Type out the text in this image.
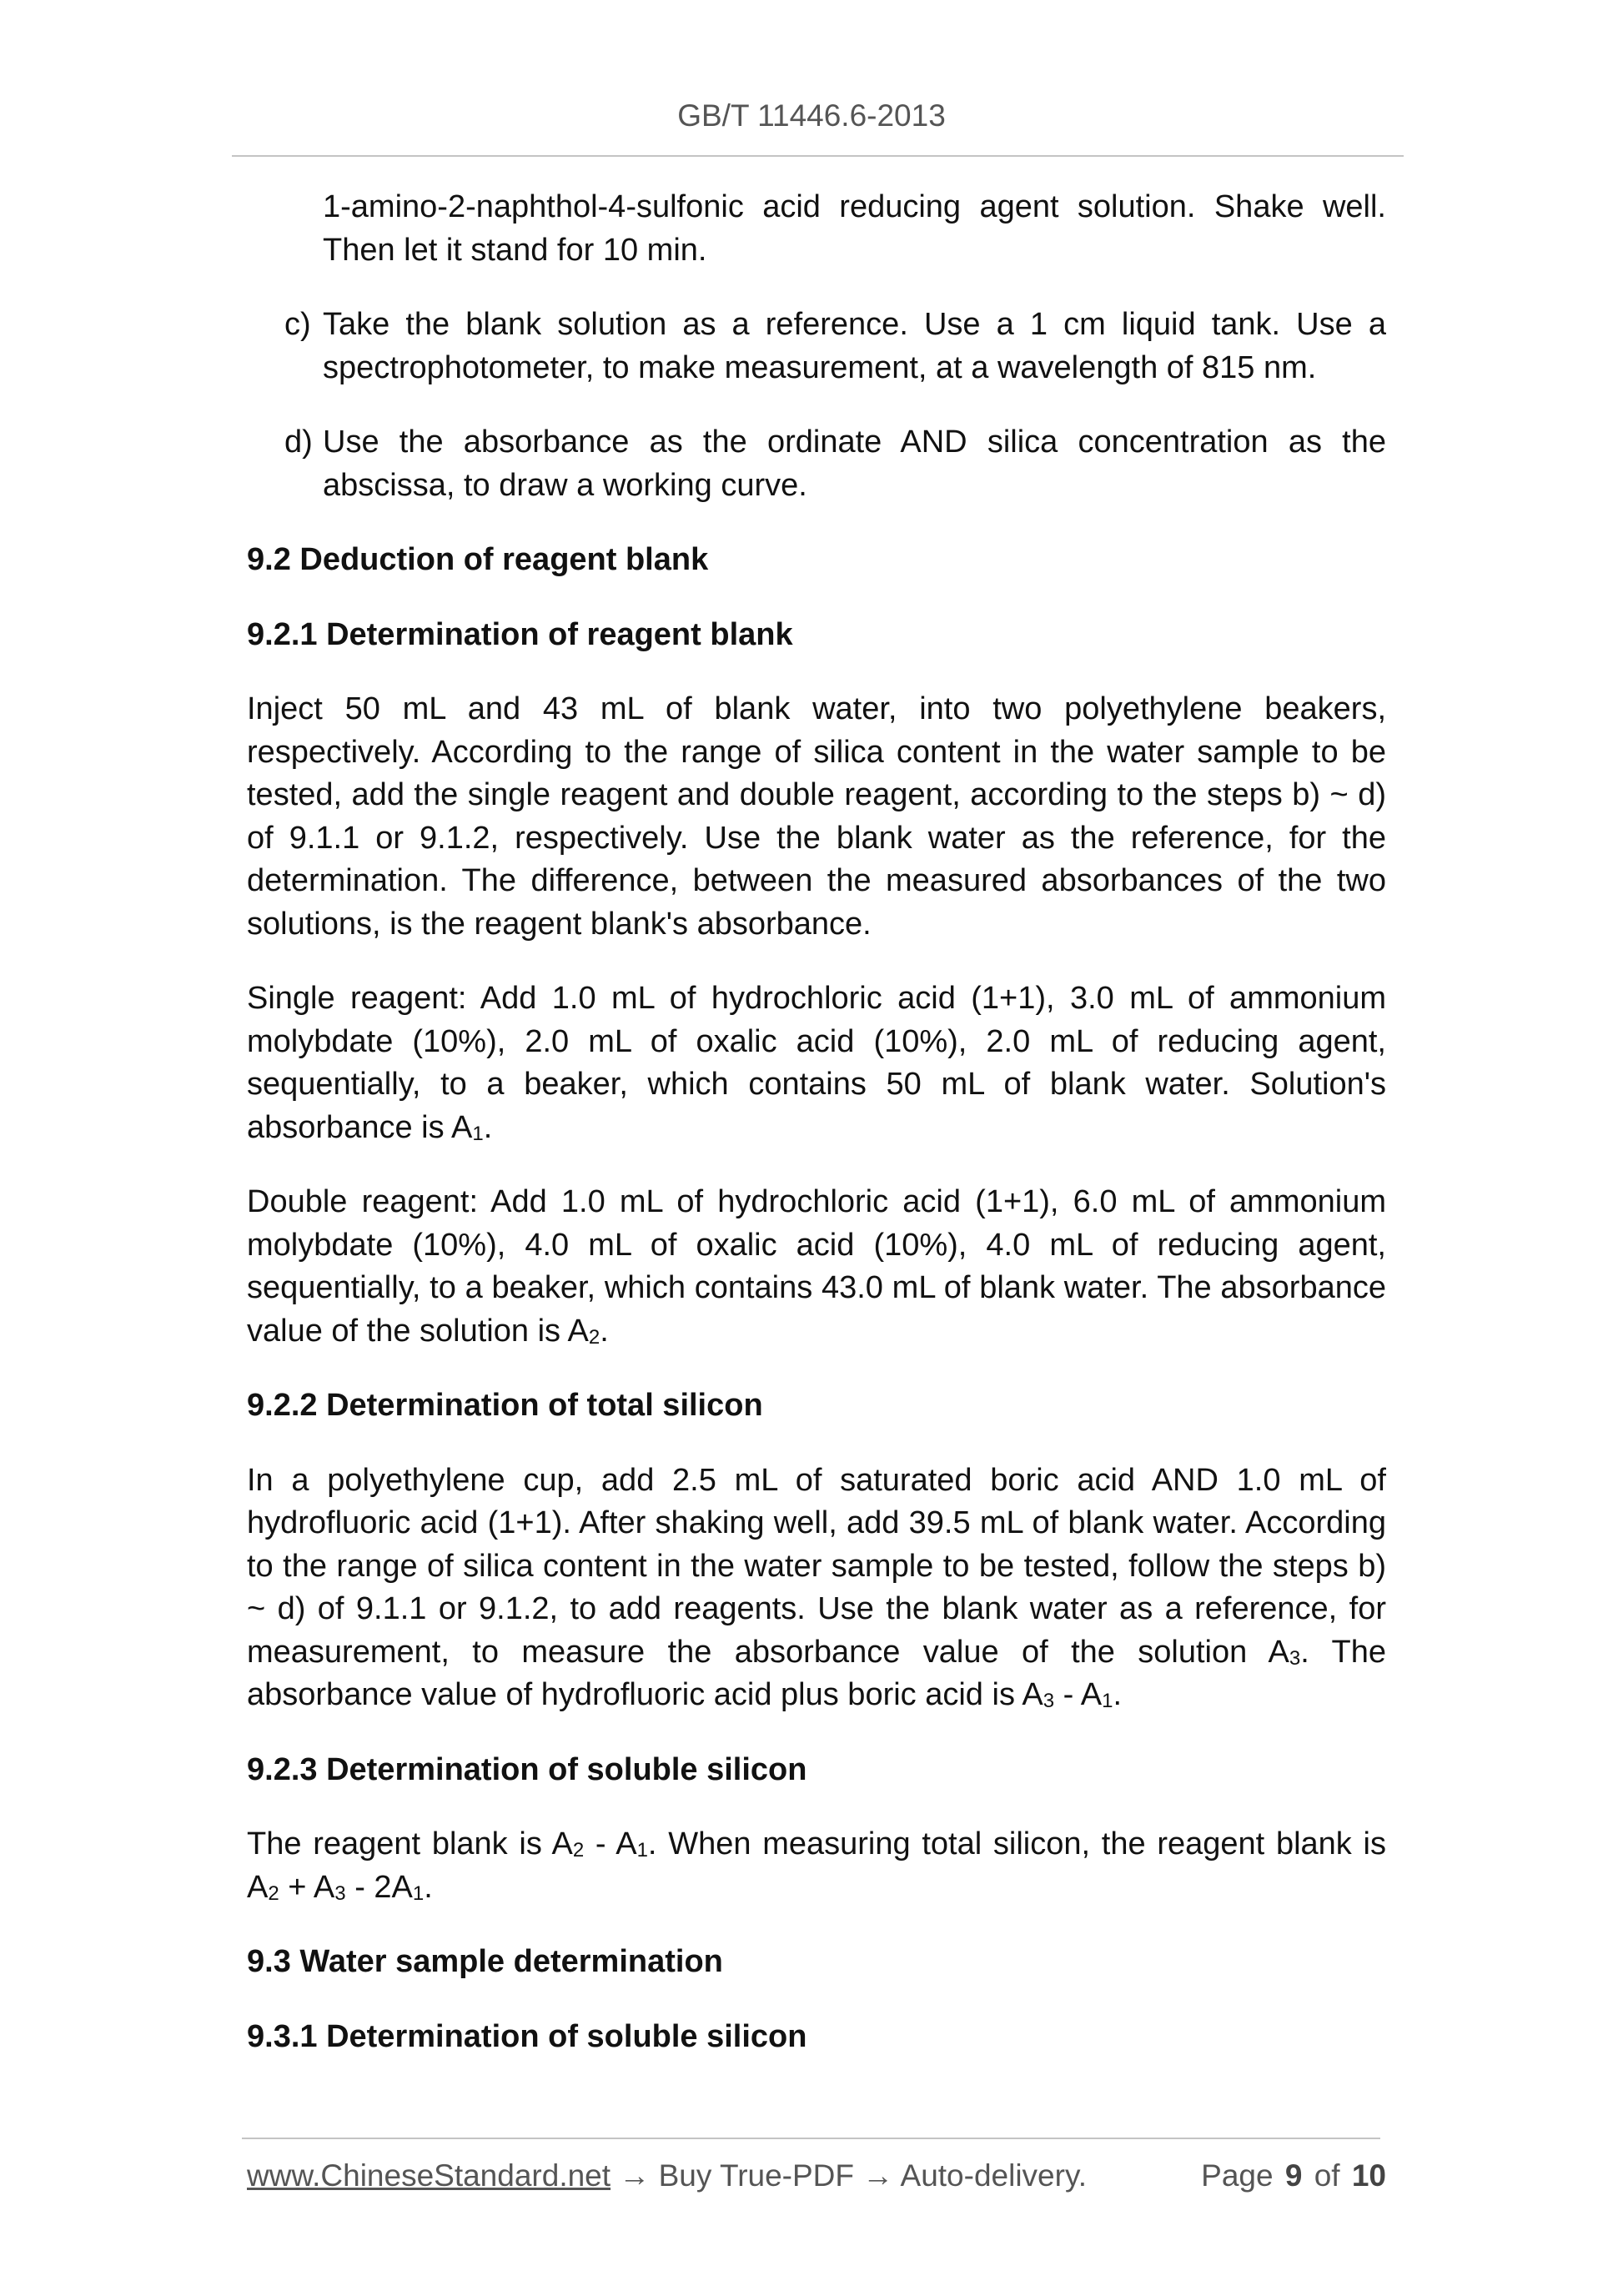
GB/T 11446.6-2013
1-amino-2-naphthol-4-sulfonic acid reducing agent solution. Shake well. Then let it stand for 10 min.
c) Take the blank solution as a reference. Use a 1 cm liquid tank. Use a spectrophotometer, to make measurement, at a wavelength of 815 nm.
d) Use the absorbance as the ordinate AND silica concentration as the abscissa, to draw a working curve.
9.2 Deduction of reagent blank
9.2.1 Determination of reagent blank

Inject 50 mL and 43 mL of blank water, into two polyethylene beakers, respectively. According to the range of silica content in the water sample to be tested, add the single reagent and double reagent, according to the steps b) ~ d) of 9.1.1 or 9.1.2, respectively. Use the blank water as the reference, for the determination. The difference, between the measured absorbances of the two solutions, is the reagent blank's absorbance.

Single reagent: Add 1.0 mL of hydrochloric acid (1+1), 3.0 mL of ammonium molybdate (10%), 2.0 mL of oxalic acid (10%), 2.0 mL of reducing agent, sequentially, to a beaker, which contains 50 mL of blank water. Solution's absorbance is $A_1$.

Double reagent: Add 1.0 mL of hydrochloric acid (1+1), 6.0 mL of ammonium molybdate (10%), 4.0 mL of oxalic acid (10%), 4.0 mL of reducing agent, sequentially, to a beaker, which contains 43.0 mL of blank water. The absorbance value of the solution is $A_2$.

9.2.2 Determination of total silicon

In a polyethylene cup, add 2.5 mL of saturated boric acid AND 1.0 mL of hydrofluoric acid (1+1). After shaking well, add 39.5 mL of blank water. According to the range of silica content in the water sample to be tested, follow the steps b) ~ d) of 9.1.1 or 9.1.2, to add reagents. Use the blank water as a reference, for measurement, to measure the absorbance value of the solution $A_3$. The absorbance value of hydrofluoric acid plus boric acid is $A_3 - A_1$.

9.2.3 Determination of soluble silicon

The reagent blank is $A_2 - A_1$. When measuring total silicon, the reagent blank is $A_2 + A_3 - 2A_1$.

9.3 Water sample determination
9.3.1 Determination of soluble silicon
www.ChineseStandard.net → Buy True-PDF → Auto-delivery.	Page 9 of 10
